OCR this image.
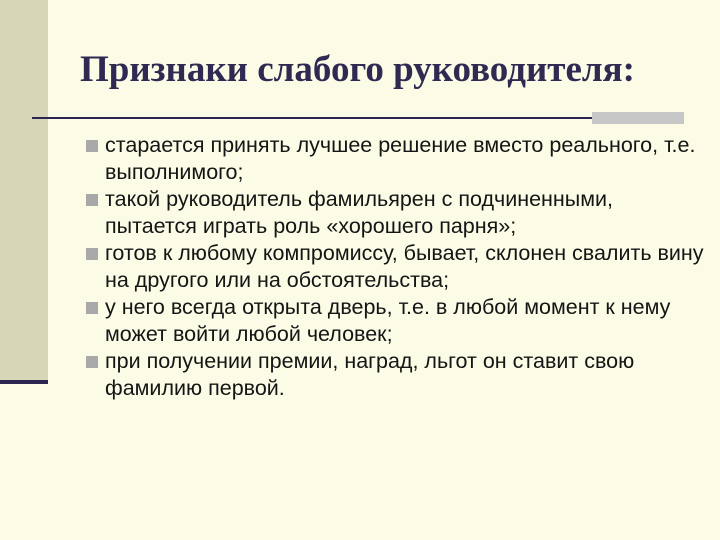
Признаки слабого руководителя:
старается принять лучшее решение вместо реального, т.е. выполнимого;
такой руководитель фамильярен с подчиненными, пытается играть роль «хорошего парня»;
готов к любому компромиссу, бывает, склонен свалить вину на другого или на обстоятельства;
у него всегда открыта дверь, т.е. в любой момент к нему может войти любой человек;
при получении премии, наград, льгот он ставит свою фамилию первой.
